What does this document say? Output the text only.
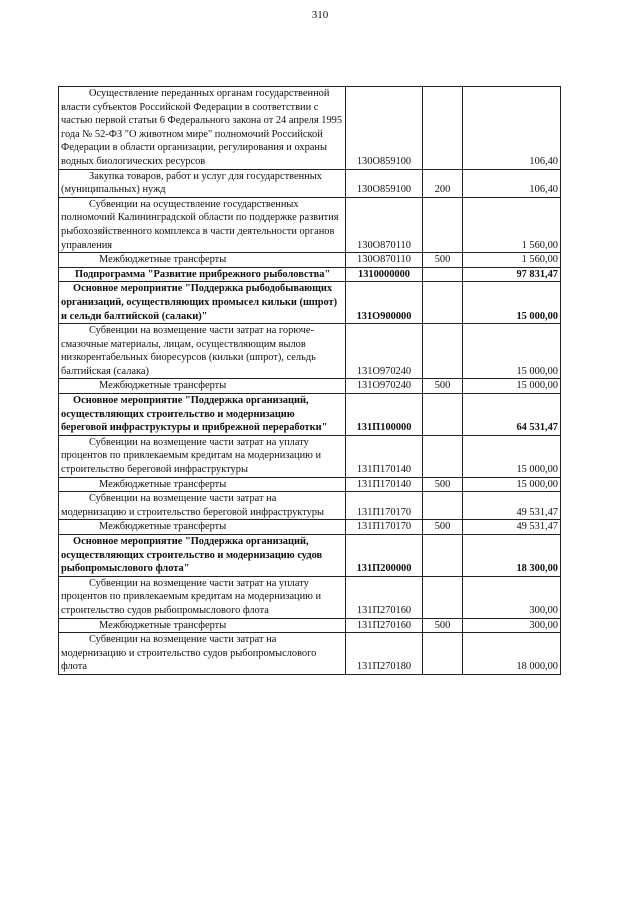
310
Осуществление переданных органам государственной власти субъектов Российской Федерации в соответствии с частью первой статьи 6 Федерального закона от 24 апреля 1995 года № 52-ФЗ "О животном мире" полномочий Российской Федерации в области организации, регулирования и охраны водных биологических ресурсов	130О859100		106,40
Закупка товаров, работ и услуг для государственных (муниципальных) нужд	130О859100	200	106,40
Субвенции на осуществление государственных полномочий Калининградской области по поддержке развития рыбохозяйственного комплекса в части деятельности органов управления	130О870110		1 560,00
Межбюджетные трансферты	130О870110	500	1 560,00
Подпрограмма "Развитие прибрежного рыболовства"	1310000000		97 831,47
Основное мероприятие "Поддержка рыбодобывающих организаций, осуществляющих промысел кильки (шпрот) и сельди балтийской (салаки)"	131О900000		15 000,00
Субвенции на возмещение части затрат на горюче-смазочные материалы, лицам, осуществляющим вылов низкорентабельных биоресурсов (кильки (шпрот), сельдь балтийская (салака)	131О970240		15 000,00
Межбюджетные трансферты	131О970240	500	15 000,00
Основное мероприятие "Поддержка организаций, осуществляющих строительство и модернизацию береговой инфраструктуры и прибрежной переработки"	131П100000		64 531,47
Субвенции на возмещение части затрат на уплату процентов по привлекаемым кредитам на модернизацию и строительство береговой инфраструктуры	131П170140		15 000,00
Межбюджетные трансферты	131П170140	500	15 000,00
Субвенции на возмещение части затрат на модернизацию и строительство береговой инфраструктуры	131П170170		49 531,47
Межбюджетные трансферты	131П170170	500	49 531,47
Основное мероприятие "Поддержка организаций, осуществляющих строительство и модернизацию судов рыбопромыслового флота"	131П200000		18 300,00
Субвенции на возмещение части затрат на уплату процентов по привлекаемым кредитам на модернизацию и строительство судов рыбопромыслового флота	131П270160		300,00
Межбюджетные трансферты	131П270160	500	300,00
Субвенции на возмещение части затрат на модернизацию и строительство судов рыбопромыслового флота	131П270180		18 000,00
